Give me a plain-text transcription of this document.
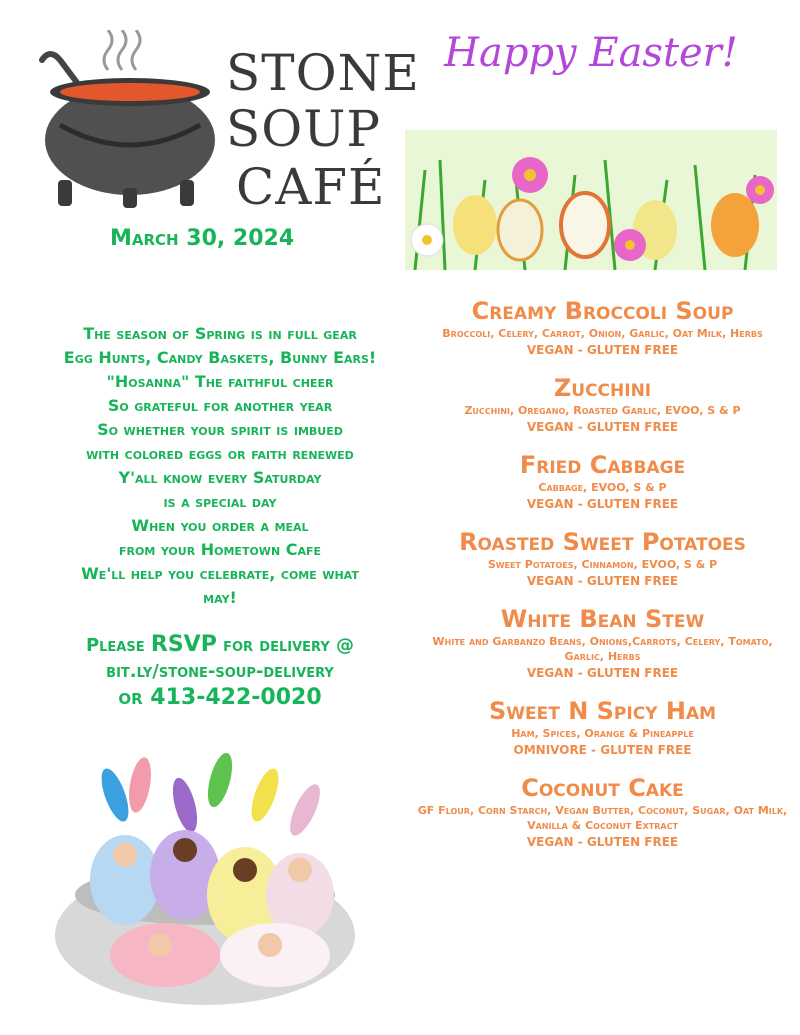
STONE
SOUP
CAFÉ
March 30, 2024
Happy Easter!
The season of Spring is in full gear
Egg Hunts, Candy Baskets, Bunny Ears!
"Hosanna" The faithful cheer
So grateful for another year
So whether your spirit is imbued
with colored eggs or faith renewed
Y'all know every Saturday
is a special day
When you order a meal
from your Hometown Cafe
We'll help you celebrate, come what
may!
Please RSVP for delivery @
bit.ly/stone-soup-delivery
or 413-422-0020
Creamy Broccoli Soup
Broccoli, Celery, Carrot, Onion, Garlic, Oat Milk, Herbs
VEGAN - GLUTEN FREE
Zucchini
Zucchini, Oregano, Roasted Garlic, EVOO, S & P
VEGAN - GLUTEN FREE
Fried Cabbage
Cabbage, EVOO, S & P
VEGAN - GLUTEN FREE
Roasted Sweet Potatoes
Sweet Potatoes, Cinnamon, EVOO, S & P
VEGAN - GLUTEN FREE
White Bean Stew
White and Garbanzo Beans, Onions,Carrots, Celery, Tomato, Garlic, Herbs
VEGAN - GLUTEN FREE
Sweet N Spicy Ham
Ham, Spices, Orange & Pineapple
OMNIVORE - GLUTEN FREE
Coconut Cake
GF Flour, Corn Starch, Vegan Butter, Coconut, Sugar, Oat Milk, Vanilla & Coconut Extract
VEGAN - GLUTEN FREE
